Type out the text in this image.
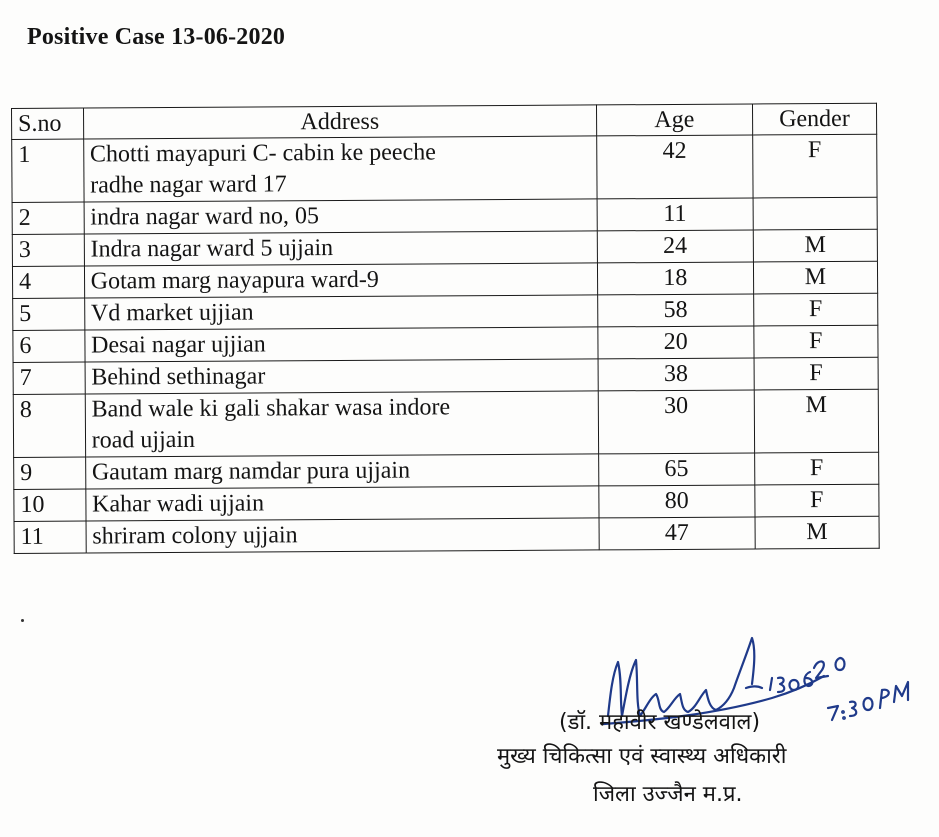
Positive Case 13-06-2020
S.no	Address	Age	Gender
1	Chotti mayapuri C- cabin ke peeche
radhe nagar ward 17	42	F
2	indra nagar ward no, 05	11	
3	Indra nagar ward 5 ujjain	24	M
4	Gotam marg nayapura ward-9	18	M
5	Vd market ujjian	58	F
6	Desai nagar ujjian	20	F
7	Behind sethinagar	38	F
8	Band wale ki gali shakar wasa indore
road ujjain	30	M
9	Gautam marg namdar pura ujjain	65	F
10	Kahar wadi ujjain	80	F
11	shriram colony ujjain	47	M
(डॉ. महावीर खण्डेलवाल)
मुख्य चिकित्सा एवं स्वास्थ्य अधिकारी
जिला उज्जैन म.प्र.
